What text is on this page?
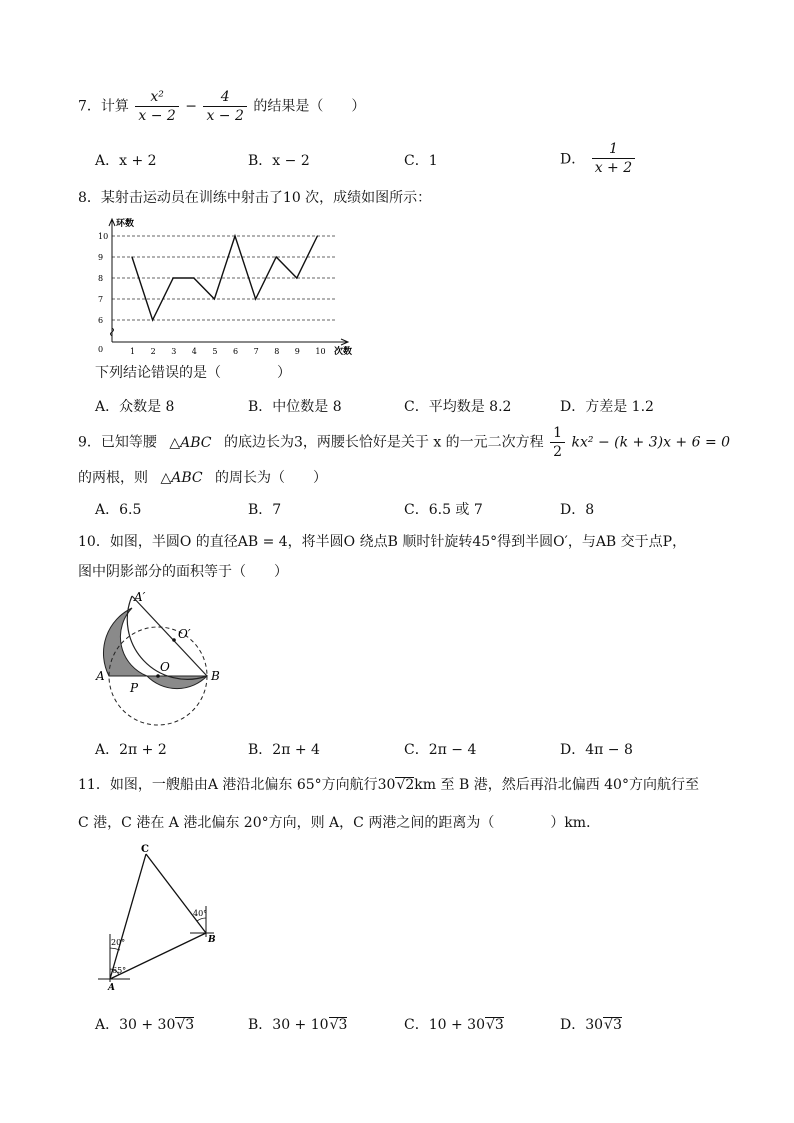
7．计算 $\frac{\text{x²}}{x - 2} - \frac{4}{x - 2}$ 的结果是（　　）
A．x + 2	B．x − 2	C．1	D． $\frac{1}{x + 2}$
8．某射击运动员在训练中射击了10 次，成绩如图所示：
6
7
8
9
10
1 2 3 4 5 6 7 8 9 10
0
环数
次数
下列结论错误的是（　　　　）
A．众数是 8	B．中位数是 8	C．平均数是 8.2	D．方差是 1.2
9．已知等腰 △ABC 的底边长为3，两腰长恰好是关于 x 的一元二次方程 $\frac{1}{2} kx^2 - (k + 3)x + 6 = 0$
的两根，则 △ABC 的周长为（　　）
A．6.5	B．7	C．6.5 或 7	D．8
10．如图，半圆O 的直径AB = 4，将半圆O 绕点B 顺时针旋转45°得到半圆O′，与AB 交于点P，
图中阴影部分的面积等于（　　）
A′
O′
O
A	B
P
A．2π + 2	B．2π + 4	C．2π − 4	D．4π − 8
11．如图，一艘船由A 港沿北偏东 65°方向航行30√2km 至 B 港，然后再沿北偏西 40°方向航行至
C 港，C 港在 A 港北偏东 20°方向，则 A，C 两港之间的距离为（　　　　）km．
C
A
B
20°
65°
40°
A．30 + 30√3	B．30 + 10√3	C．10 + 30√3	D．30√3
